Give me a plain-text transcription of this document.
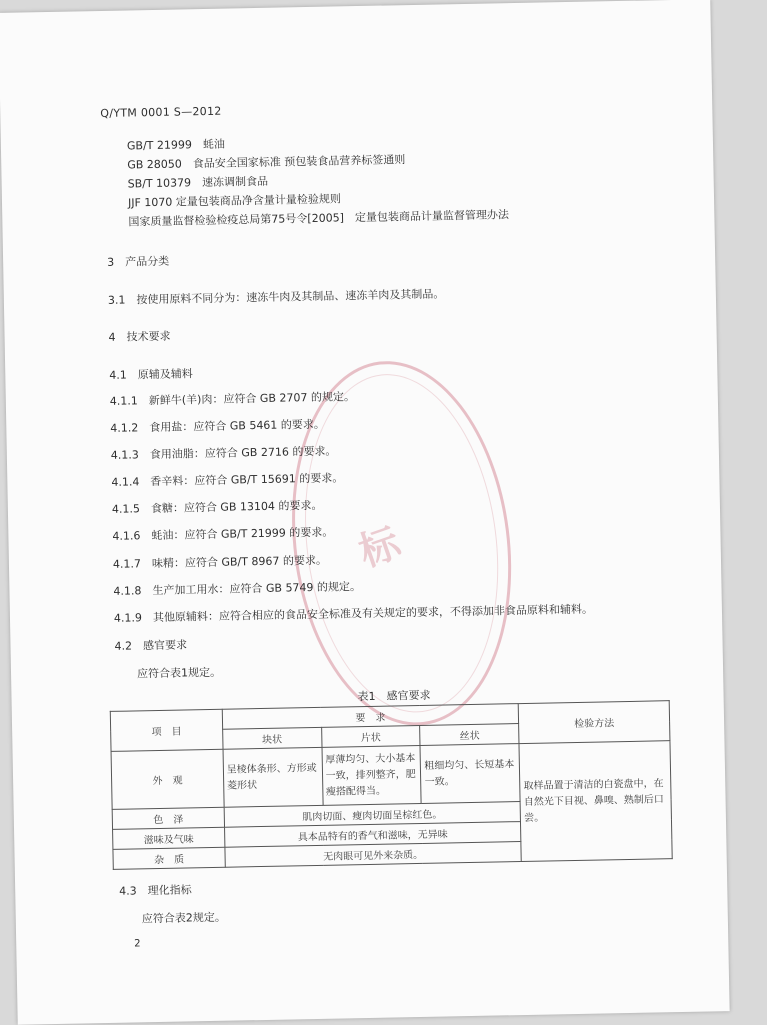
标
Q/YTM 0001 S—2012
GB/T 21999　蚝油
GB 28050　食品安全国家标准 预包装食品营养标签通则
SB/T 10379　速冻调制食品
JJF 1070 定量包装商品净含量计量检验规则
国家质量监督检验检疫总局第75号令[2005]　定量包装商品计量监督管理办法
3　产品分类
3.1　按使用原料不同分为：速冻牛肉及其制品、速冻羊肉及其制品。
4　技术要求
4.1　原辅及辅料
4.1.1　新鲜牛(羊)肉：应符合 GB 2707 的规定。
4.1.2　食用盐：应符合 GB 5461 的要求。
4.1.3　食用油脂：应符合 GB 2716 的要求。
4.1.4　香辛料：应符合 GB/T 15691 的要求。
4.1.5　食糖：应符合 GB 13104 的要求。
4.1.6　蚝油：应符合 GB/T 21999 的要求。
4.1.7　味精：应符合 GB/T 8967 的要求。
4.1.8　生产加工用水：应符合 GB 5749 的规定。
4.1.9　其他原辅料：应符合相应的食品安全标准及有关规定的要求，不得添加非食品原料和辅料。
4.2　感官要求
应符合表1规定。
表1　感官要求
项　目	要　求			检验方法
	块状	片状	丝状	
外　观	呈棱体条形、方形或菱形状	厚薄均匀、大小基本一致，排列整齐，肥瘦搭配得当。	粗细均匀、长短基本一致。	取样品置于清洁的白瓷盘中，在自然光下目视、鼻嗅、熟制后口尝。
色　泽	肌肉切面、瘦肉切面呈棕红色。			
滋味及气味	具本品特有的香气和滋味，无异味			
杂　质	无肉眼可见外来杂质。			
4.3　理化指标
应符合表2规定。
2
